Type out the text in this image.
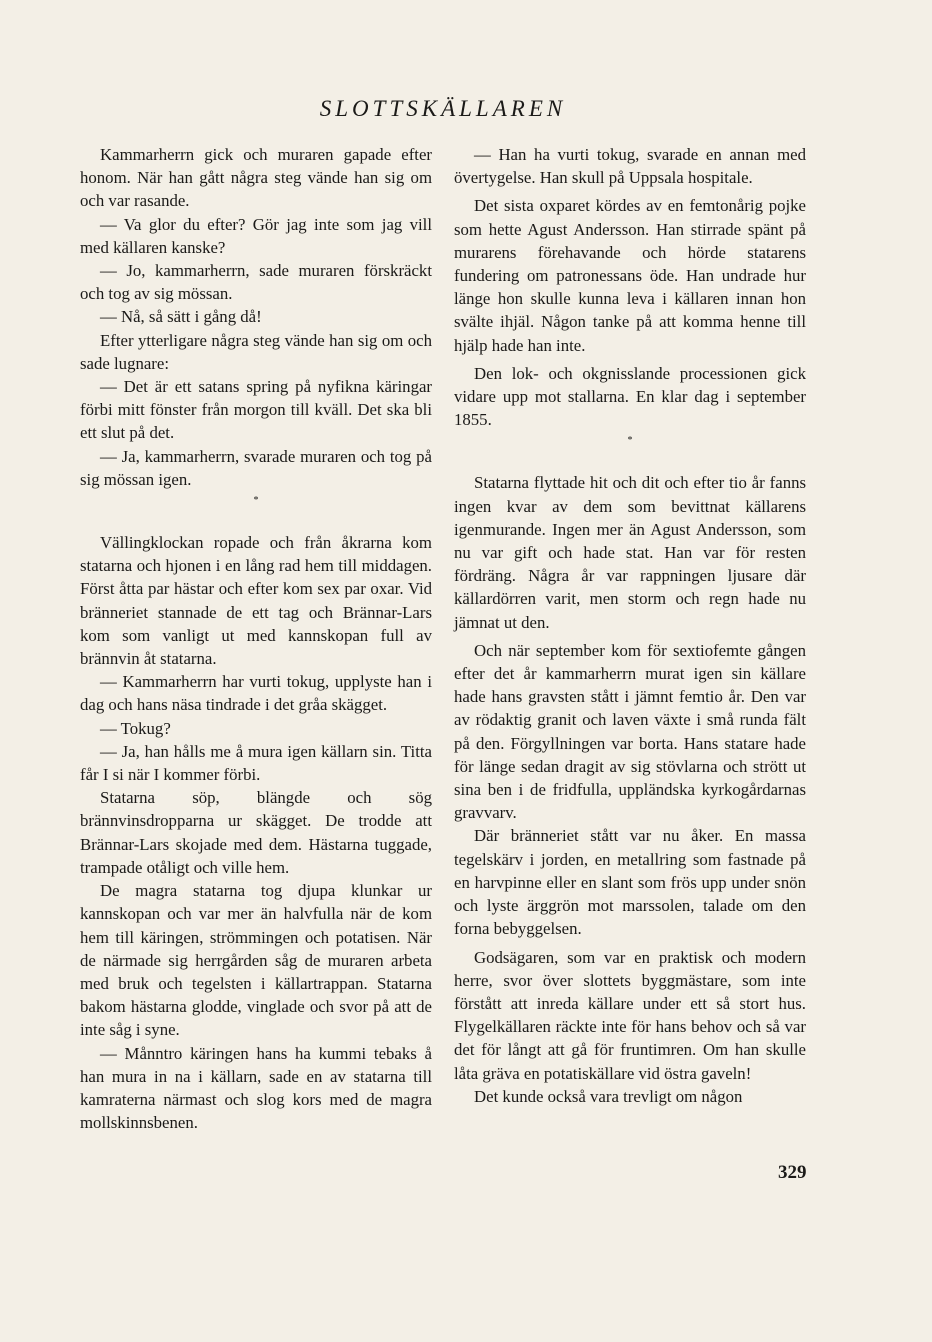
SLOTTSKÄLLAREN

Kammarherrn gick och muraren gapade efter honom. När han gått några steg vände han sig om och var rasande.

— Va glor du efter? Gör jag inte som jag vill med källaren kanske?

— Jo, kammarherrn, sade muraren förskräckt och tog av sig mössan.

— Nå, så sätt i gång då!

Efter ytterligare några steg vände han sig om och sade lugnare:

— Det är ett satans spring på nyfikna käringar förbi mitt fönster från morgon till kväll. Det ska bli ett slut på det.

— Ja, kammarherrn, svarade muraren och tog på sig mössan igen.

*

Vällingklockan ropade och från åkrarna kom statarna och hjonen i en lång rad hem till middagen. Först åtta par hästar och efter kom sex par oxar. Vid bränneriet stannade de ett tag och Brännar-Lars kom som vanligt ut med kannskopan full av brännvin åt statarna.

— Kammarherrn har vurti tokug, upplyste han i dag och hans näsa tindrade i det gråa skägget.

— Tokug?

— Ja, han hålls me å mura igen källarn sin. Titta får I si när I kommer förbi.

Statarna söp, blängde och sög brännvinsdropparna ur skägget. De trodde att Brännar-Lars skojade med dem. Hästarna tuggade, trampade otåligt och ville hem.

De magra statarna tog djupa klunkar ur kannskopan och var mer än halvfulla när de kom hem till käringen, strömmingen och potatisen. När de närmade sig herrgården såg de muraren arbeta med bruk och tegelsten i källartrappan. Statarna bakom hästarna glodde, vinglade och svor på att de inte såg i syne.

— Månntro käringen hans ha kummi tebaks å han mura in na i källarn, sade en av statarna till kamraterna närmast och slog kors med de magra mollskinnsbenen.

— Han ha vurti tokug, svarade en annan med övertygelse. Han skull på Uppsala hospitale.

Det sista oxparet kördes av en femtonårig pojke som hette Agust Andersson. Han stirrade spänt på murarens förehavande och hörde statarens fundering om patronessans öde. Han undrade hur länge hon skulle kunna leva i källaren innan hon svälte ihjäl. Någon tanke på att komma henne till hjälp hade han inte.

Den lok- och okgnisslande processionen gick vidare upp mot stallarna. En klar dag i september 1855.

*

Statarna flyttade hit och dit och efter tio år fanns ingen kvar av dem som bevittnat källarens igenmurande. Ingen mer än Agust Andersson, som nu var gift och hade stat. Han var för resten fördräng. Några år var rappningen ljusare där källardörren varit, men storm och regn hade nu jämnat ut den.

Och när september kom för sextiofemte gången efter det år kammarherrn murat igen sin källare hade hans gravsten stått i jämnt femtio år. Den var av rödaktig granit och laven växte i små runda fält på den. Förgyllningen var borta. Hans statare hade för länge sedan dragit av sig stövlarna och strött ut sina ben i de fridfulla, uppländska kyrkogårdarnas gravvarv.

Där bränneriet stått var nu åker. En massa tegelskärv i jorden, en metallring som fastnade på en harvpinne eller en slant som frös upp under snön och lyste ärggrön mot marssolen, talade om den forna bebyggelsen.

Godsägaren, som var en praktisk och modern herre, svor över slottets byggmästare, som inte förstått att inreda källare under ett så stort hus. Flygelkällaren räckte inte för hans behov och så var det för långt att gå för fruntimren. Om han skulle låta gräva en potatiskällare vid östra gaveln!

Det kunde också vara trevligt om någon

329
